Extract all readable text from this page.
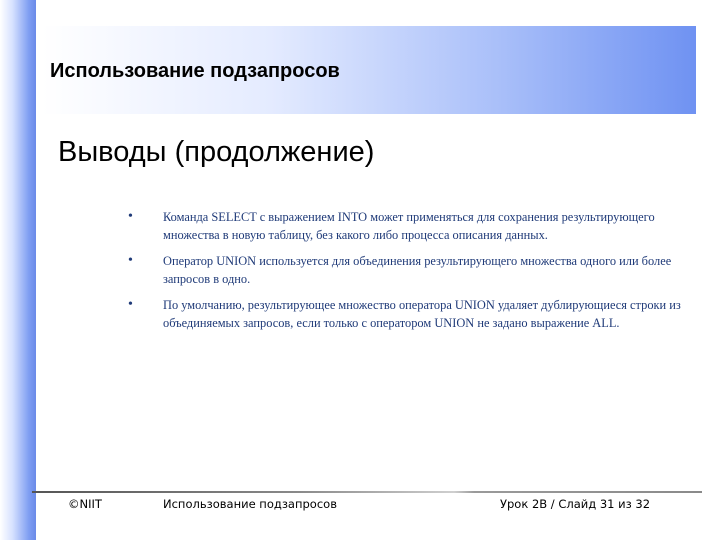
Использование подзапросов
Выводы (продолжение)
• Команда SELECT с выражением INTO может применяться для сохранения результирующего множества в новую таблицу, без какого либо процесса описания данных.
• Оператор UNION используется для объединения результирующего множества одного или более запросов в одно.
• По умолчанию, результирующее множество оператора UNION удаляет дублирующиеся строки из объединяемых запросов, если только с оператором UNION не задано выражение ALL.
©NIIT	Использование подзапросов	Урок 2B / Слайд 31 из 32
